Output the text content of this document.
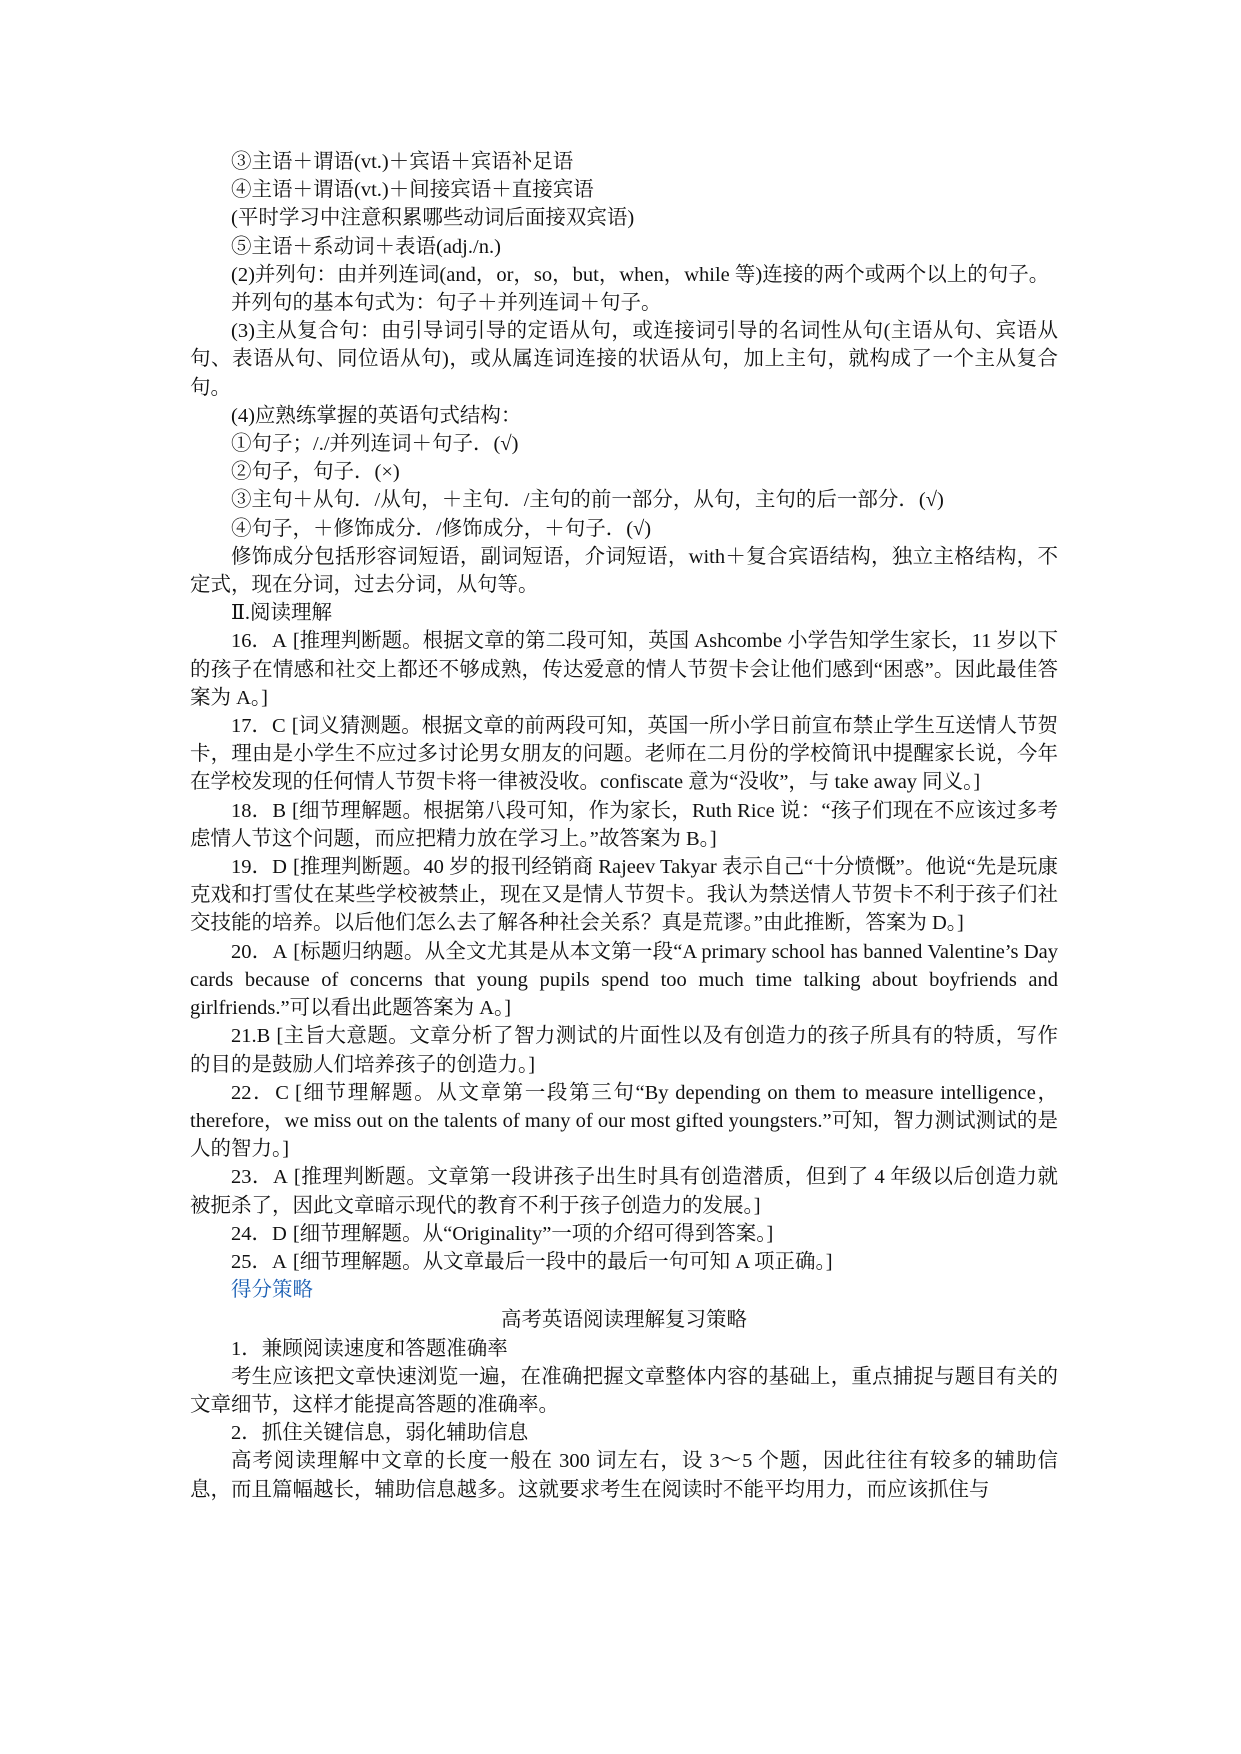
③主语＋谓语(vt.)＋宾语＋宾语补足语

④主语＋谓语(vt.)＋间接宾语＋直接宾语

(平时学习中注意积累哪些动词后面接双宾语)

⑤主语＋系动词＋表语(adj./n.)

(2)并列句：由并列连词(and，or，so，but，when，while 等)连接的两个或两个以上的句子。

并列句的基本句式为：句子＋并列连词＋句子。

(3)主从复合句：由引导词引导的定语从句，或连接词引导的名词性从句(主语从句、宾语从句、表语从句、同位语从句)，或从属连词连接的状语从句，加上主句，就构成了一个主从复合句。

(4)应熟练掌握的英语句式结构：

①句子；/./并列连词＋句子．(√)

②句子，句子．(×)

③主句＋从句．/从句，＋主句．/主句的前一部分，从句，主句的后一部分．(√)

④句子，＋修饰成分．/修饰成分，＋句子．(√)

修饰成分包括形容词短语，副词短语，介词短语，with＋复合宾语结构，独立主格结构，不定式，现在分词，过去分词，从句等。

Ⅱ.阅读理解

16．A [推理判断题。根据文章的第二段可知，英国 Ashcombe 小学告知学生家长，11 岁以下的孩子在情感和社交上都还不够成熟，传达爱意的情人节贺卡会让他们感到“困惑”。因此最佳答案为 A。]

17．C [词义猜测题。根据文章的前两段可知，英国一所小学日前宣布禁止学生互送情人节贺卡，理由是小学生不应过多讨论男女朋友的问题。老师在二月份的学校简讯中提醒家长说，今年在学校发现的任何情人节贺卡将一律被没收。confiscate 意为“没收”，与 take away 同义。]

18．B [细节理解题。根据第八段可知，作为家长，Ruth Rice 说：“孩子们现在不应该过多考虑情人节这个问题，而应把精力放在学习上。”故答案为 B。]

19．D [推理判断题。40 岁的报刊经销商 Rajeev Takyar 表示自己“十分愤慨”。他说“先是玩康克戏和打雪仗在某些学校被禁止，现在又是情人节贺卡。我认为禁送情人节贺卡不利于孩子们社交技能的培养。以后他们怎么去了解各种社会关系？真是荒谬。”由此推断，答案为 D。]

20．A [标题归纳题。从全文尤其是从本文第一段“A primary school has banned Valentine’s Day cards because of concerns that young pupils spend too much time talking about boyfriends and girlfriends.”可以看出此题答案为 A。]

21.B [主旨大意题。文章分析了智力测试的片面性以及有创造力的孩子所具有的特质，写作的目的是鼓励人们培养孩子的创造力。]

22．C [细节理解题。从文章第一段第三句“By depending on them to measure intelligence，therefore，we miss out on the talents of many of our most gifted youngsters.”可知，智力测试测试的是人的智力。]

23．A [推理判断题。文章第一段讲孩子出生时具有创造潜质，但到了 4 年级以后创造力就被扼杀了，因此文章暗示现代的教育不利于孩子创造力的发展。]

24．D [细节理解题。从“Originality”一项的介绍可得到答案。]

25．A [细节理解题。从文章最后一段中的最后一句可知 A 项正确。]

得分策略

高考英语阅读理解复习策略

1．兼顾阅读速度和答题准确率

考生应该把文章快速浏览一遍，在准确把握文章整体内容的基础上，重点捕捉与题目有关的文章细节，这样才能提高答题的准确率。

2．抓住关键信息，弱化辅助信息

高考阅读理解中文章的长度一般在 300 词左右，设 3～5 个题，因此往往有较多的辅助信息，而且篇幅越长，辅助信息越多。这就要求考生在阅读时不能平均用力，而应该抓住与
